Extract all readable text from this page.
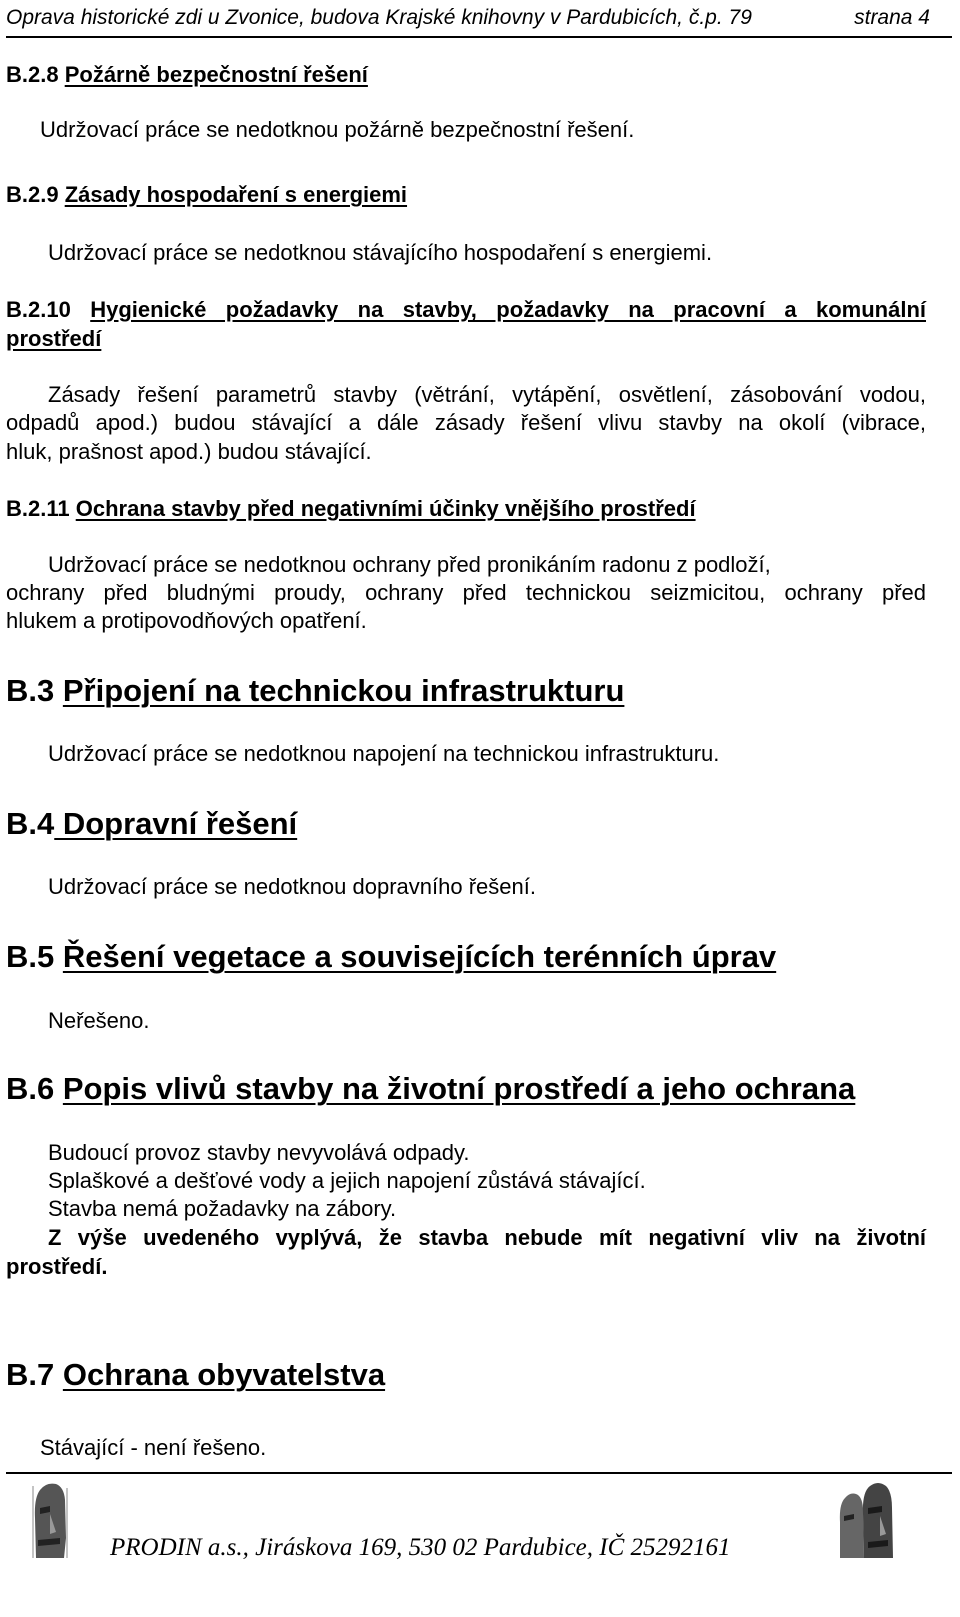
Oprava historické zdi u Zvonice, budova Krajské knihovny v Pardubicích, č.p. 79	strana 4
B.2.8 Požárně bezpečnostní řešení
Udržovací práce se nedotknou požárně bezpečnostní řešení.
B.2.9 Zásady hospodaření s energiemi
Udržovací práce se nedotknou stávajícího hospodaření s energiemi.
B.2.10 Hygienické požadavky na stavby, požadavky na pracovní a komunální
prostředí
Zásady řešení parametrů stavby (větrání, vytápění, osvětlení, zásobování vodou,
odpadů apod.) budou stávající a dále zásady řešení vlivu stavby na okolí (vibrace,
hluk, prašnost apod.) budou stávající.
B.2.11 Ochrana stavby před negativními účinky vnějšího prostředí
Udržovací práce se nedotknou ochrany před pronikáním radonu z podloží,
ochrany před bludnými proudy, ochrany před technickou seizmicitou, ochrany před
hlukem a protipovodňových opatření.
B.3 Připojení na technickou infrastrukturu
Udržovací práce se nedotknou napojení na technickou infrastrukturu.
B.4 Dopravní řešení
Udržovací práce se nedotknou dopravního řešení.
B.5 Řešení vegetace a souvisejících terénních úprav
Neřešeno.
B.6 Popis vlivů stavby na životní prostředí a jeho ochrana
Budoucí provoz stavby nevyvolává odpady.
Splaškové a dešťové vody a jejich napojení zůstává stávající.
Stavba nemá požadavky na zábory.
Z výše uvedeného vyplývá, že stavba nebude mít negativní vliv na životní
prostředí.
B.7 Ochrana obyvatelstva
Stávající - není řešeno.
PRODIN a.s., Jiráskova 169, 530 02 Pardubice, IČ 25292161
